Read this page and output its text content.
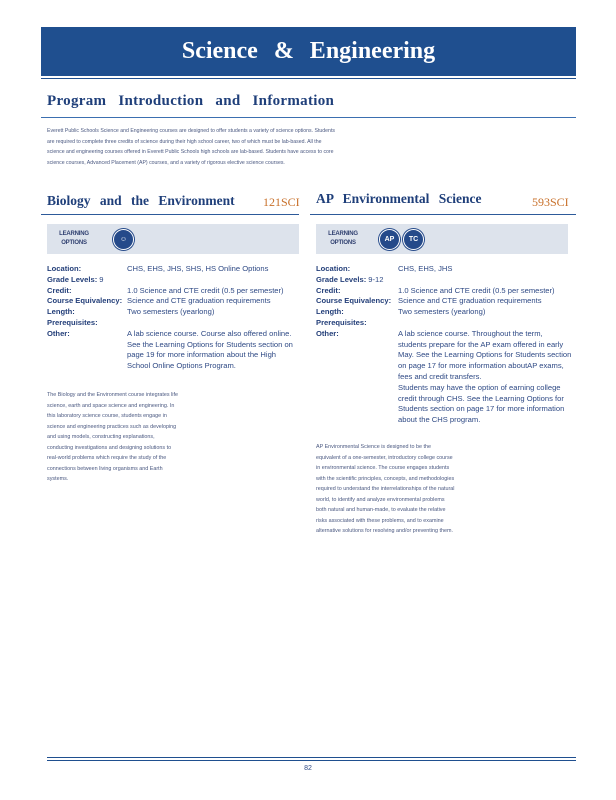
Science & Engineering
Program Introduction and Information
Everett Public Schools Science and Engineering courses are designed to offer students a variety of science options. Students are required to complete three credits of science during their high school career, two of which must be lab-based. All the science and engineering courses offered in Everett Public Schools high schools are lab-based. Students have access to core science courses, Advanced Placement (AP) courses, and a variety of rigorous elective science courses.
Biology and the Environment 121SCI
LEARNING OPTIONS	☺
Location:	CHS, EHS, JHS, SHS, HS Online Options
Grade Levels: 9
Credit:	1.0 Science and CTE credit (0.5 per semester)
Course Equivalency: Science and CTE graduation requirements
Length:	Two semesters (yearlong)
Prerequisites:
Other:	A lab science course. Course also offered online. See the Learning Options for Students section on page 19 for more information about the High School Online Options Program.
The Biology and the Environment course integrates life science, earth and space science and engineering. In this laboratory science course, students engage in science and engineering practices such as developing and using models, constructing explanations, conducting investigations and designing solutions to real-world problems which require the study of the connections between living organisms and Earth systems.
AP Environmental Science	593SCI
LEARNING OPTIONS	AP	TC
Location:	CHS, EHS, JHS
Grade Levels: 9-12
Credit:	1.0 Science and CTE credit (0.5 per semester)
Course Equivalency: Science and CTE graduation requirements
Length:	Two semesters (yearlong)
Prerequisites:
Other:	A lab science course. Throughout the term, students prepare for the AP exam offered in early May. See the Learning Options for Students section on page 17 for more information aboutAP exams, fees and credit transfers.
Students may have the option of earning college credit through CHS. See the Learning Options for Students section on page 17 for more information about the CHS program.
AP Environmental Science is designed to be the equivalent of a one-semester, introductory college course in environmental science. The course engages students with the scientific principles, concepts, and methodologies required to understand the interrelationships of the natural world, to identify and analyze environmental problems both natural and human-made, to evaluate the relative risks associated with these problems, and to examine alternative solutions for resolving and/or preventing them.
82
